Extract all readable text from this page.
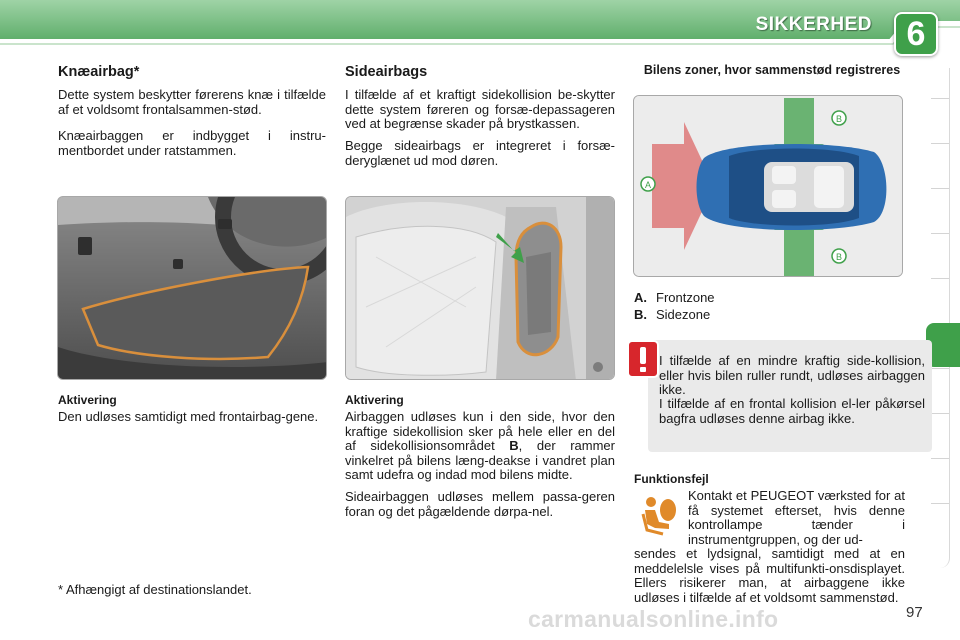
SIKKERHED	6
Knæairbag*
Dette system beskytter førerens knæ i tilfælde af et voldsomt frontalsammen-stød.
Knæairbaggen er indbygget i instru-mentbordet under ratstammen.
Aktivering
Den udløses samtidigt med frontairbag-gene.
Sideairbags
I tilfælde af et kraftigt sidekollision be-skytter dette system føreren og forsæ-depassageren ved at begrænse skader på brystkassen.
Begge sideairbags er integreret i forsæ-deryglænet ud mod døren.
Aktivering
Airbaggen udløses kun i den side, hvor den kraftige sidekollision sker på hele eller en del af sidekollisionsområdet B, der rammer vinkelret på bilens læng-deakse i vandret plan samt udefra og indad mod bilens midte.
Sideairbaggen udløses mellem passa-geren foran og det pågældende dørpa-nel.
Bilens zoner, hvor sammenstød registreres
A
B
B
A. Frontzone
B. Sidezone
I tilfælde af en mindre kraftig side-kollision, eller hvis bilen ruller rundt, udløses airbaggen ikke.
I tilfælde af en frontal kollision el-ler påkørsel bagfra udløses denne airbag ikke.
Funktionsfejl
Kontakt et PEUGEOT værksted for at få systemet efterset, hvis denne kontrollampe tænder i instrumentgruppen, og der ud-
sendes et lydsignal, samtidigt med at en meddelelsle vises på multifunkti-onsdisplayet. Ellers risikerer man, at airbaggene ikke udløses i tilfælde af et voldsomt sammenstød.
* Afhængigt af destinationslandet.
carmanualsonline.info	97
